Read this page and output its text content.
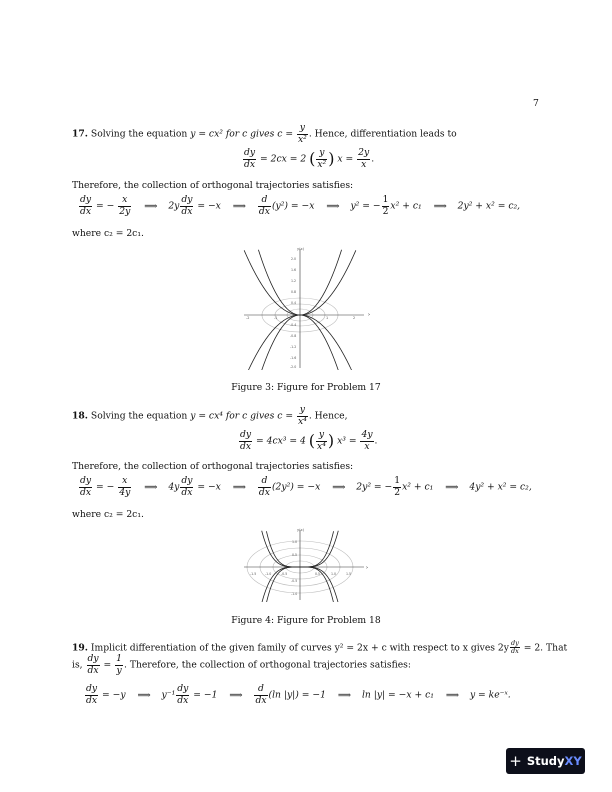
7
17. Solving the equation y = cx² for c gives $c = \frac{y}{\text{x²}}$ . Hence, differentiation leads to
$\frac{dy}{dx} = 2cx = 2$ ( $\frac{y}{\text{x²}}$ ) $x = \frac{2y}{x}$ .
Therefore, the collection of orthogonal trajectories satisfies:
$\frac{dy}{dx}$ = − $\frac{x}{2y}$ ⟹ $2y \frac{dy}{dx} = -x$ ⟹ $\frac{d}{dx} (y^2) = -x$ ⟹ y² = − $\frac{1}{2} x^2 + c_1$ ⟹ 2y² + x² = c₂,
where c₂ = 2c₁.
›
y(x)
-2	-1	1	2
2.0
1.6
1.2
0.8
0.4
-0.4
-0.8
-1.2
-1.6
-2.0
Figure 3: Figure for Problem 17
18. Solving the equation y = cx⁴ for c gives $c = \frac{y}{\text{x⁴}}$ . Hence,
$\frac{dy}{dx} = 4cx^3 = 4$ ( $\frac{y}{\text{x⁴}}$ ) $x^3 = \frac{4y}{x}$ .
Therefore, the collection of orthogonal trajectories satisfies:
$\frac{dy}{dx}$ = − $\frac{x}{4y}$ ⟹ $4y \frac{dy}{dx} = -x$ ⟹ $\frac{d}{dx} (2y^2) = -x$ ⟹ 2y² = − $\frac{1}{2} x^2 + c_1$ ⟹ 4y² + x² = c₂,
where c₂ = 2c₁.
›
y(x)
-1.5	-1.0	-0.5	0.5	1.0	1.5
1.0
0.5
-0.5
-1.0
Figure 4: Figure for Problem 18
19. Implicit differentiation of the given family of curves y² = 2x + c with respect to x gives $2y \frac{dy}{dx} = 2$. That
is, $\frac{dy}{dx} = \frac{1}{y}$ . Therefore, the collection of orthogonal trajectories satisfies:
$\frac{dy}{dx} = -y$ ⟹ $y^{-1} \frac{dy}{dx} = -1$ ⟹ $\frac{d}{dx} (\ln$ |y|) = −1 ⟹ ln |y| = −x + c₁ ⟹ y = ke⁻ˣ.
+ Study XY
